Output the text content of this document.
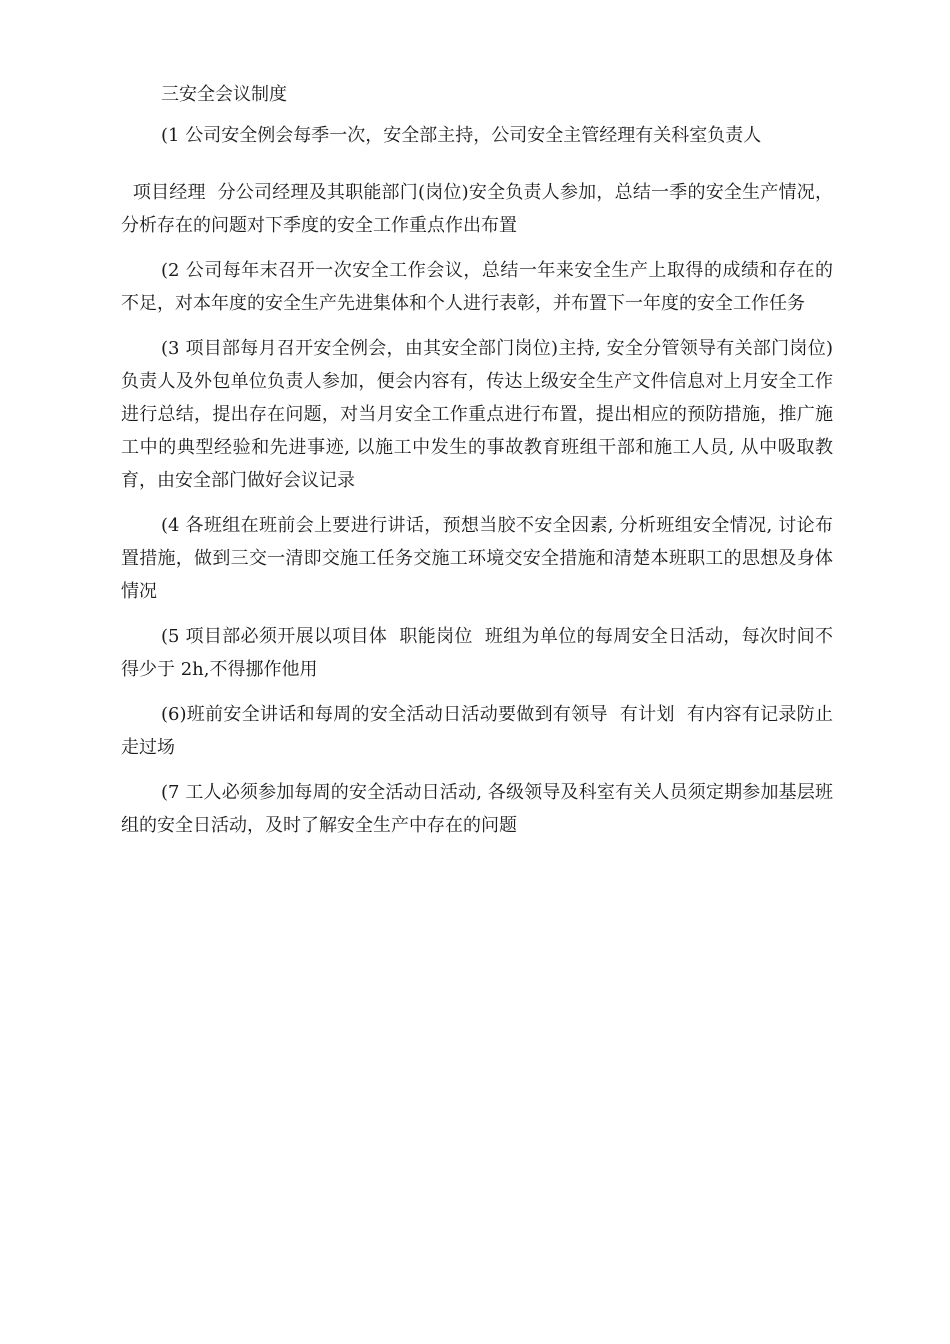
三安全会议制度

(1 公司安全例会每季一次，安全部主持，公司安全主管经理有关科室负责人

项目经理  分公司经理及其职能部门(岗位)安全负责人参加，总结一季的安全生产情况，分析存在的问题对下季度的安全工作重点作出布置

(2 公司每年末召开一次安全工作会议，总结一年来安全生产上取得的成绩和存在的不足，对本年度的安全生产先进集体和个人进行表彰，并布置下一年度的安全工作任务

(3 项目部每月召开安全例会，由其安全部门岗位)主持, 安全分管领导有关部门岗位)负责人及外包单位负责人参加，便会内容有，传达上级安全生产文件信息对上月安全工作进行总结，提出存在问题，对当月安全工作重点进行布置，提出相应的预防措施，推广施工中的典型经验和先进事迹, 以施工中发生的事故教育班组干部和施工人员, 从中吸取教育，由安全部门做好会议记录

(4 各班组在班前会上要进行讲话，预想当胶不安全因素, 分析班组安全情况, 讨论布置措施，做到三交一清即交施工任务交施工环境交安全措施和清楚本班职工的思想及身体情况

(5 项目部必须开展以项目体  职能岗位  班组为单位的每周安全日活动，每次时间不得少于 2h,不得挪作他用

(6)班前安全讲话和每周的安全活动日活动要做到有领导  有计划  有内容有记录防止走过场

(7 工人必须参加每周的安全活动日活动, 各级领导及科室有关人员须定期参加基层班组的安全日活动，及时了解安全生产中存在的问题
